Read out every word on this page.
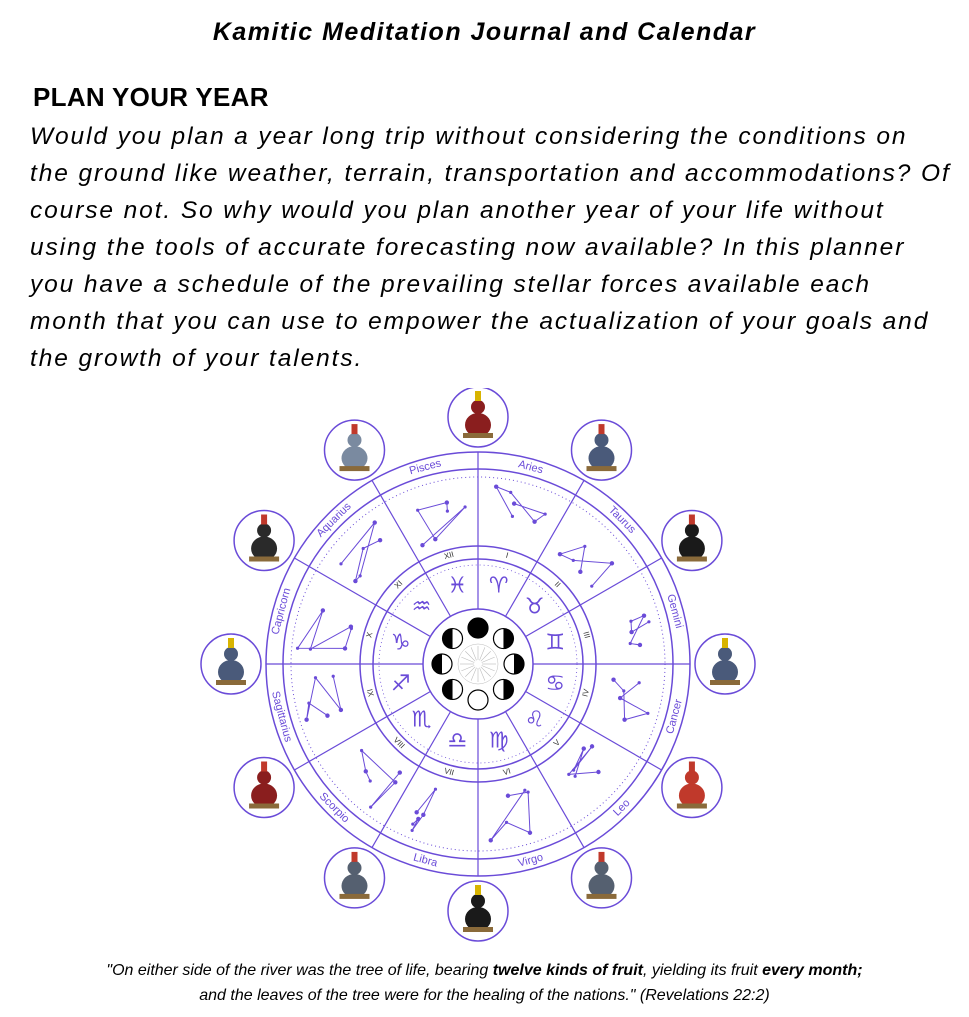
Kamitic Meditation Journal and Calendar
PLAN YOUR YEAR

Would you plan a year long trip without considering the conditions on the ground like weather, terrain, transportation and accommodations? Of course not. So why would you plan another year of your life without using the tools of accurate forecasting now available? In this planner you have a schedule of the prevailing stellar forces available each month that you can use to empower the actualization of your goals and the growth of your talents.

Aries
I
♈
Taurus
II
♉	Gemini
III
♊
Cancer
IV
♋
Leo
V
♌
Virgo
VI
♍
Libra
VII
♎
Scorpio
VIII
♏
Sagittarius	IX ♐
Capricorn	X ♑
Aquarius
XI
♒
Pisces
XII
♓
"On either side of the river was the tree of life, bearing twelve kinds of fruit, yielding its fruit every month;
and the leaves of the tree were for the healing of the nations." (Revelations 22:2)
